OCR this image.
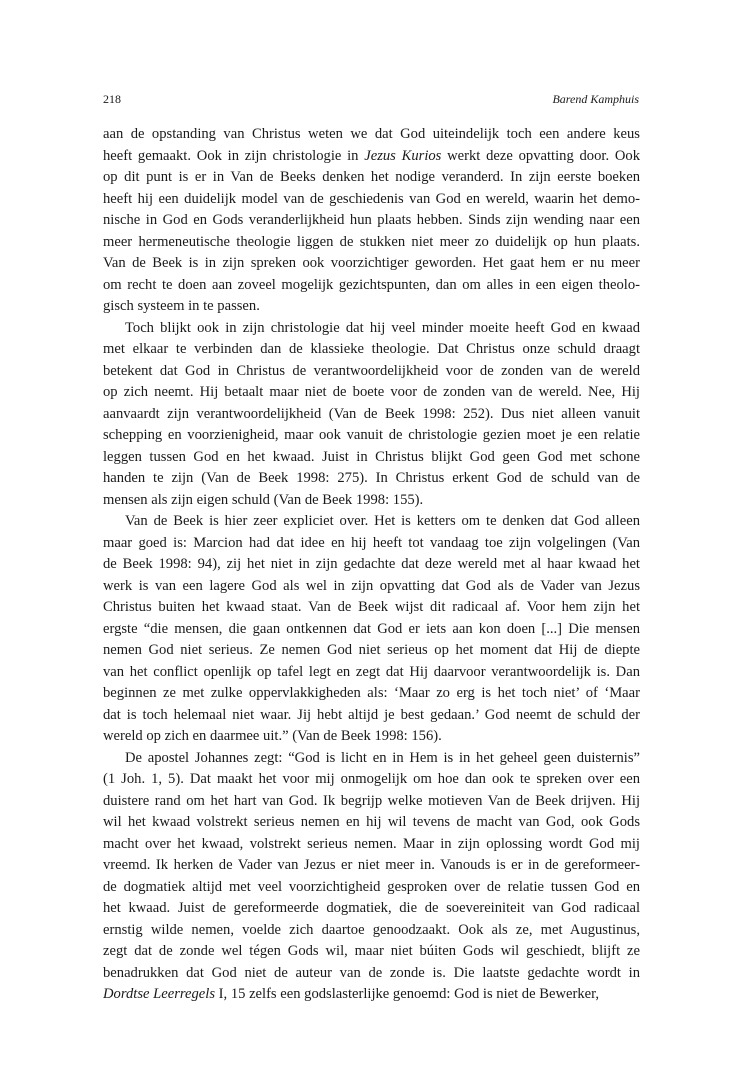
218	Barend Kamphuis
aan de opstanding van Christus weten we dat God uiteindelijk toch een andere keus
heeft gemaakt. Ook in zijn christologie in Jezus Kurios werkt deze opvatting door. Ook
op dit punt is er in Van de Beeks denken het nodige veranderd. In zijn eerste boeken
heeft hij een duidelijk model van de geschiedenis van God en wereld, waarin het demo-
nische in God en Gods veranderlijkheid hun plaats hebben. Sinds zijn wending naar een
meer hermeneutische theologie liggen de stukken niet meer zo duidelijk op hun plaats.
Van de Beek is in zijn spreken ook voorzichtiger geworden. Het gaat hem er nu meer
om recht te doen aan zoveel mogelijk gezichtspunten, dan om alles in een eigen theolo-
gisch systeem in te passen.
Toch blijkt ook in zijn christologie dat hij veel minder moeite heeft God en kwaad
met elkaar te verbinden dan de klassieke theologie. Dat Christus onze schuld draagt
betekent dat God in Christus de verantwoordelijkheid voor de zonden van de wereld
op zich neemt. Hij betaalt maar niet de boete voor de zonden van de wereld. Nee, Hij
aanvaardt zijn verantwoordelijkheid (Van de Beek 1998: 252). Dus niet alleen vanuit
schepping en voorzienigheid, maar ook vanuit de christologie gezien moet je een relatie
leggen tussen God en het kwaad. Juist in Christus blijkt God geen God met schone
handen te zijn (Van de Beek 1998: 275). In Christus erkent God de schuld van de
mensen als zijn eigen schuld (Van de Beek 1998: 155).
Van de Beek is hier zeer expliciet over. Het is ketters om te denken dat God alleen
maar goed is: Marcion had dat idee en hij heeft tot vandaag toe zijn volgelingen (Van
de Beek 1998: 94), zij het niet in zijn gedachte dat deze wereld met al haar kwaad het
werk is van een lagere God als wel in zijn opvatting dat God als de Vader van Jezus
Christus buiten het kwaad staat. Van de Beek wijst dit radicaal af. Voor hem zijn het
ergste “die mensen, die gaan ontkennen dat God er iets aan kon doen [...] Die mensen
nemen God niet serieus. Ze nemen God niet serieus op het moment dat Hij de diepte
van het conflict openlijk op tafel legt en zegt dat Hij daarvoor verantwoordelijk is. Dan
beginnen ze met zulke oppervlakkigheden als: ‘Maar zo erg is het toch niet’ of ‘Maar
dat is toch helemaal niet waar. Jij hebt altijd je best gedaan.’ God neemt de schuld der
wereld op zich en daarmee uit.” (Van de Beek 1998: 156).
De apostel Johannes zegt: “God is licht en in Hem is in het geheel geen duisternis”
(1 Joh. 1, 5). Dat maakt het voor mij onmogelijk om hoe dan ook te spreken over een
duistere rand om het hart van God. Ik begrijp welke motieven Van de Beek drijven. Hij
wil het kwaad volstrekt serieus nemen en hij wil tevens de macht van God, ook Gods
macht over het kwaad, volstrekt serieus nemen. Maar in zijn oplossing wordt God mij
vreemd. Ik herken de Vader van Jezus er niet meer in. Vanouds is er in de gereformeer-
de dogmatiek altijd met veel voorzichtigheid gesproken over de relatie tussen God en
het kwaad. Juist de gereformeerde dogmatiek, die de soevereiniteit van God radicaal
ernstig wilde nemen, voelde zich daartoe genoodzaakt. Ook als ze, met Augustinus,
zegt dat de zonde wel tégen Gods wil, maar niet búiten Gods wil geschiedt, blijft ze
benadrukken dat God niet de auteur van de zonde is. Die laatste gedachte wordt in
Dordtse Leerregels I, 15 zelfs een godslasterlijke genoemd: God is niet de Bewerker,
